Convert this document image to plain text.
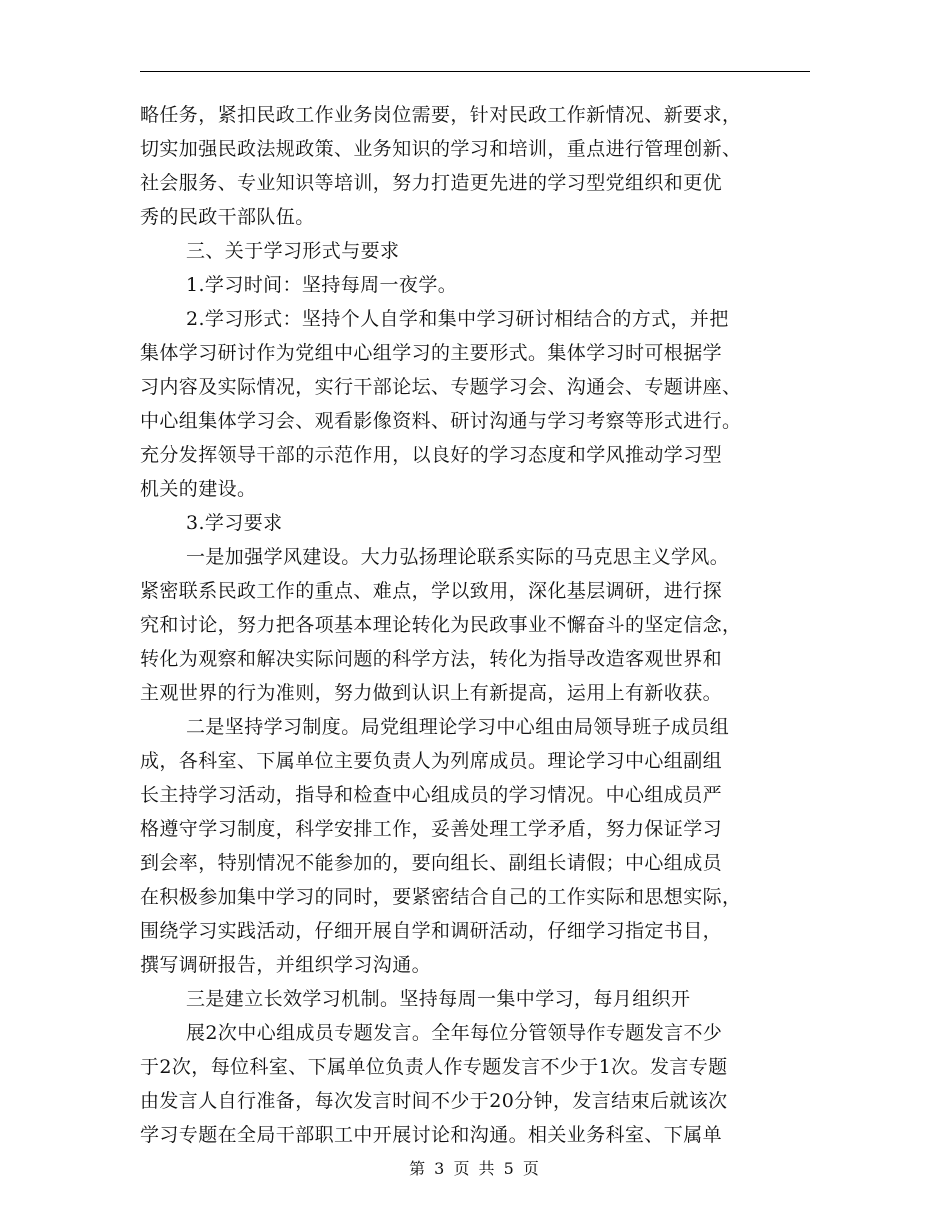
略任务，紧扣民政工作业务岗位需要，针对民政工作新情况、新要求，
切实加强民政法规政策、业务知识的学习和培训，重点进行管理创新、
社会服务、专业知识等培训，努力打造更先进的学习型党组织和更优
秀的民政干部队伍。
三、关于学习形式与要求
1.学习时间：坚持每周一夜学。
2.学习形式：坚持个人自学和集中学习研讨相结合的方式，并把
集体学习研讨作为党组中心组学习的主要形式。集体学习时可根据学
习内容及实际情况，实行干部论坛、专题学习会、沟通会、专题讲座、
中心组集体学习会、观看影像资料、研讨沟通与学习考察等形式进行。
充分发挥领导干部的示范作用，以良好的学习态度和学风推动学习型
机关的建设。
3.学习要求
一是加强学风建设。大力弘扬理论联系实际的马克思主义学风。
紧密联系民政工作的重点、难点，学以致用，深化基层调研，进行探
究和讨论，努力把各项基本理论转化为民政事业不懈奋斗的坚定信念，
转化为观察和解决实际问题的科学方法，转化为指导改造客观世界和
主观世界的行为准则，努力做到认识上有新提高，运用上有新收获。
二是坚持学习制度。局党组理论学习中心组由局领导班子成员组
成，各科室、下属单位主要负责人为列席成员。理论学习中心组副组
长主持学习活动，指导和检查中心组成员的学习情况。中心组成员严
格遵守学习制度，科学安排工作，妥善处理工学矛盾，努力保证学习
到会率，特别情况不能参加的，要向组长、副组长请假；中心组成员
在积极参加集中学习的同时，要紧密结合自己的工作实际和思想实际，
围绕学习实践活动，仔细开展自学和调研活动，仔细学习指定书目，
撰写调研报告，并组织学习沟通。
三是建立长效学习机制。坚持每周一集中学习，每月组织开
展2次中心组成员专题发言。全年每位分管领导作专题发言不少
于2次，每位科室、下属单位负责人作专题发言不少于1次。发言专题
由发言人自行准备，每次发言时间不少于20分钟，发言结束后就该次
学习专题在全局干部职工中开展讨论和沟通。相关业务科室、下属单
第 3 页 共 5 页
